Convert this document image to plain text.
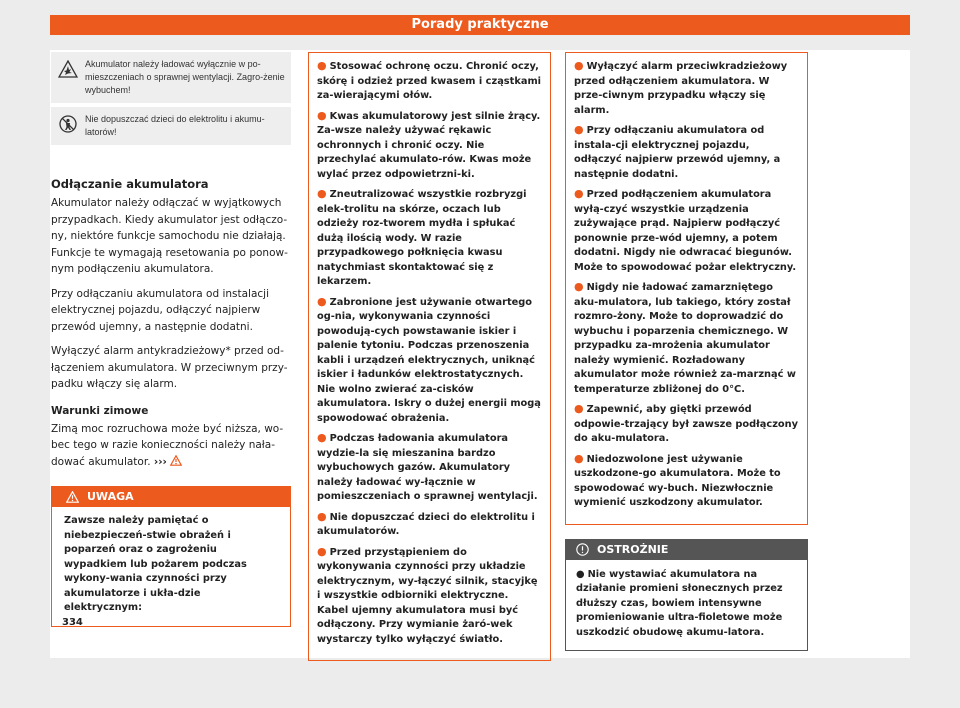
Porady praktyczne
Akumulator należy ładować wyłącznie w po-mieszczeniach o sprawnej wentylacji. Zagro-żenie wybuchem!
Nie dopuszczać dzieci do elektrolitu i akumu-latorów!
Odłączanie akumulatora

Akumulator należy odłączać w wyjątkowych przypadkach. Kiedy akumulator jest odłączo-ny, niektóre funkcje samochodu nie działają. Funkcje te wymagają resetowania po ponow-nym podłączeniu akumulatora.

Przy odłączaniu akumulatora od instalacji elektrycznej pojazdu, odłączyć najpierw przewód ujemny, a następnie dodatni.

Wyłączyć alarm antykradzieżowy* przed od-łączeniem akumulatora. W przeciwnym przy-padku włączy się alarm.

Warunki zimowe

Zimą moc rozruchowa może być niższa, wo-bec tego w razie konieczności należy nała-dować akumulator. ›››

UWAGA
Zawsze należy pamiętać o niebezpieczeń-stwie obrażeń i poparzeń oraz o zagrożeniu wypadkiem lub pożarem podczas wykony-wania czynności przy akumulatorze i ukła-dzie elektrycznym:
● Stosować ochronę oczu. Chronić oczy, skórę i odzież przed kwasem i cząstkami za-wierającymi ołów.
● Kwas akumulatorowy jest silnie żrący. Za-wsze należy używać rękawic ochronnych i chronić oczy. Nie przechylać akumulato-rów. Kwas może wylać przez odpowietrzni-ki.
● Zneutralizować wszystkie rozbryzgi elek-trolitu na skórze, oczach lub odzieży roz-tworem mydła i spłukać dużą ilością wody. W razie przypadkowego połknięcia kwasu natychmiast skontaktować się z lekarzem.
● Zabronione jest używanie otwartego og-nia, wykonywania czynności powodują-cych powstawanie iskier i palenie tytoniu. Podczas przenoszenia kabli i urządzeń elektrycznych, uniknąć iskier i ładunków elektrostatycznych. Nie wolno zwierać za-cisków akumulatora. Iskry o dużej energii mogą spowodować obrażenia.
● Podczas ładowania akumulatora wydzie-la się mieszanina bardzo wybuchowych gazów. Akumulatory należy ładować wy-łącznie w pomieszczeniach o sprawnej wentylacji.
● Nie dopuszczać dzieci do elektrolitu i akumulatorów.
● Przed przystąpieniem do wykonywania czynności przy układzie elektrycznym, wy-łączyć silnik, stacyjkę i wszystkie odbiorniki elektryczne. Kabel ujemny akumulatora musi być odłączony. Przy wymianie żaró-wek wystarczy tylko wyłączyć światło.
● Wyłączyć alarm przeciwkradzieżowy przed odłączeniem akumulatora. W prze-ciwnym przypadku włączy się alarm.
● Przy odłączaniu akumulatora od instala-cji elektrycznej pojazdu, odłączyć najpierw przewód ujemny, a następnie dodatni.
● Przed podłączeniem akumulatora wyłą-czyć wszystkie urządzenia zużywające prąd. Najpierw podłączyć ponownie prze-wód ujemny, a potem dodatni. Nigdy nie odwracać biegunów. Może to spowodować pożar elektryczny.
● Nigdy nie ładować zamarzniętego aku-mulatora, lub takiego, który został rozmro-żony. Może to doprowadzić do wybuchu i poparzenia chemicznego. W przypadku za-mrożenia akumulator należy wymienić. Rozładowany akumulator może również za-marznąć w temperaturze zbliżonej do 0°C.
● Zapewnić, aby giętki przewód odpowie-trzający był zawsze podłączony do aku-mulatora.
● Niedozwolone jest używanie uszkodzone-go akumulatora. Może to spowodować wy-buch. Niezwłocznie wymienić uszkodzony akumulator.
OSTROŻNIE
● Nie wystawiać akumulatora na działanie promieni słonecznych przez dłuższy czas, bowiem intensywne promieniowanie ultra-fioletowe może uszkodzić obudowę akumu-latora.
334
